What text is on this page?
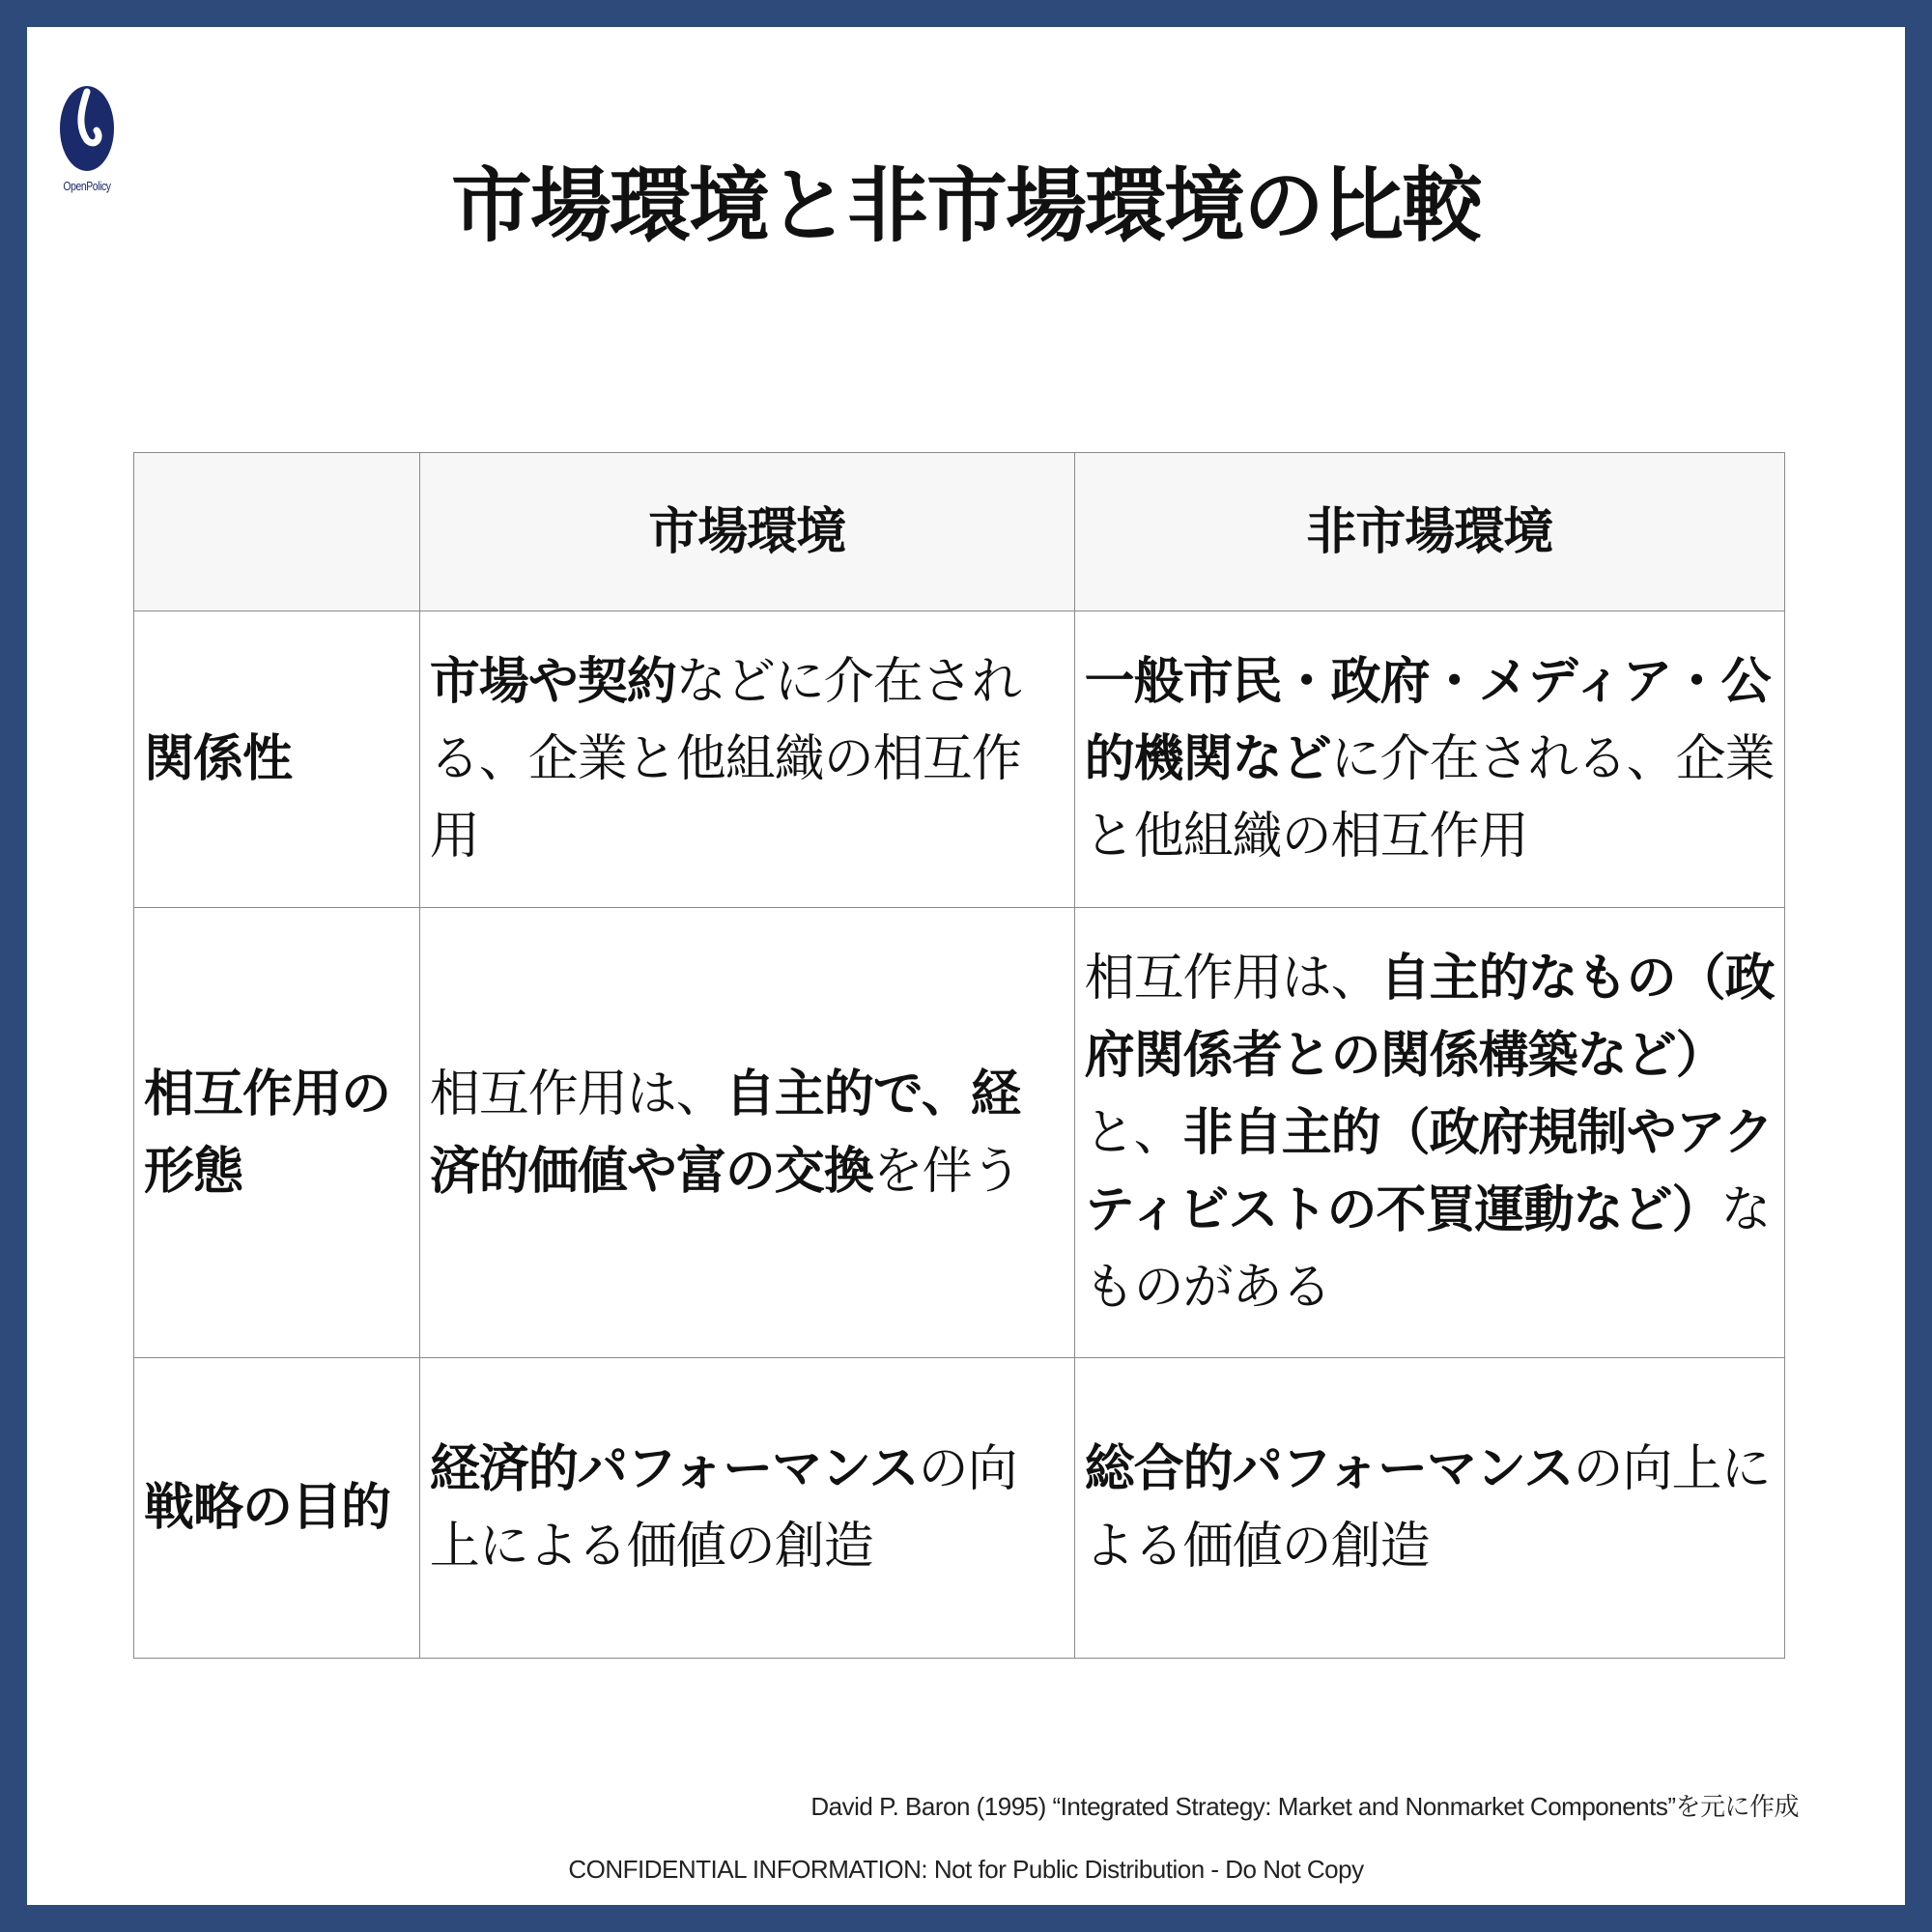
OpenPolicy	市場環境と非市場環境の比較
	市場環境	非市場環境
関係性	市場や契約などに介在される、企業と他組織の相互作用	一般市民・政府・メディア・公的機関などに介在される、企業と他組織の相互作用
相互作用の形態	相互作用は、自主的で、経済的価値や富の交換を伴う	相互作用は、自主的なもの（政府関係者との関係構築など）と、非自主的（政府規制やアクティビストの不買運動など）なものがある
戦略の目的	経済的パフォーマンスの向上による価値の創造	総合的パフォーマンスの向上による価値の創造
David P. Baron (1995) “Integrated Strategy: Market and Nonmarket Components”を元に作成
CONFIDENTIAL INFORMATION: Not for Public Distribution - Do Not Copy
